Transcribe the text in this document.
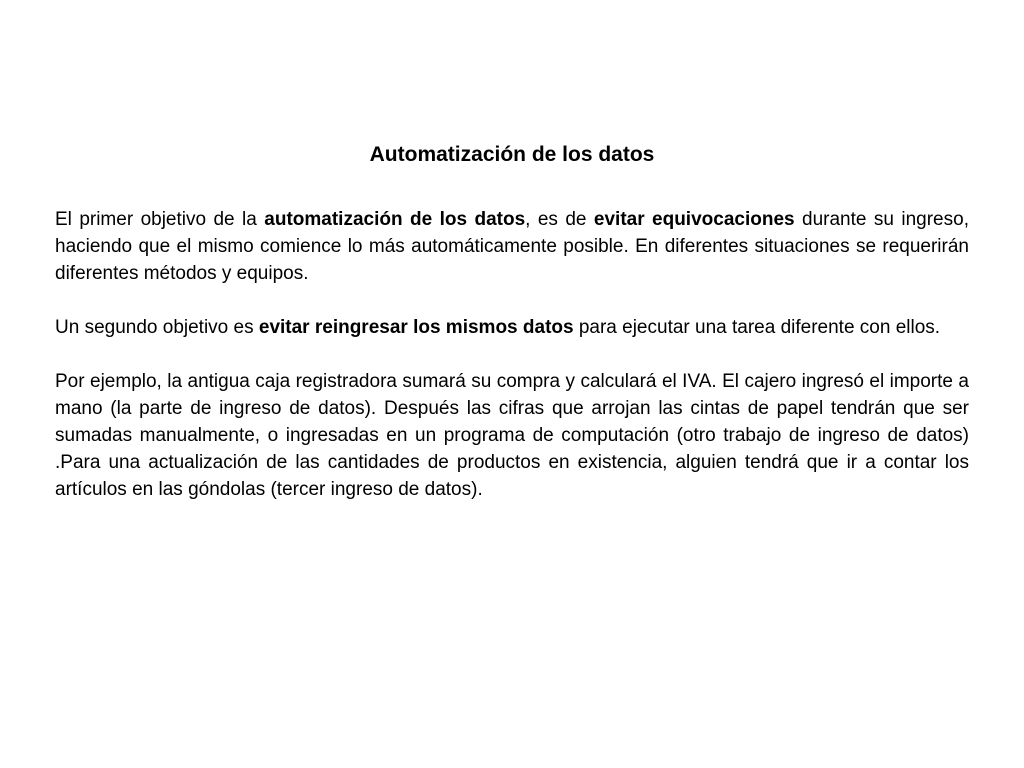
Automatización de los datos

El primer objetivo de la automatización de los datos, es de evitar equivocaciones durante su ingreso, haciendo que el mismo comience lo más automáticamente posible. En diferentes situaciones se requerirán diferentes métodos y equipos.

Un segundo objetivo es evitar reingresar los mismos datos para ejecutar una tarea diferente con ellos.

Por ejemplo, la antigua caja registradora sumará su compra y calculará el IVA. El cajero ingresó el importe a mano (la parte de ingreso de datos). Después las cifras que arrojan las cintas de papel tendrán que ser sumadas manualmente, o ingresadas en un programa de computación (otro trabajo de ingreso de datos) .Para una actualización de las cantidades de productos en existencia, alguien tendrá que ir a contar los artículos en las góndolas (tercer ingreso de datos).
